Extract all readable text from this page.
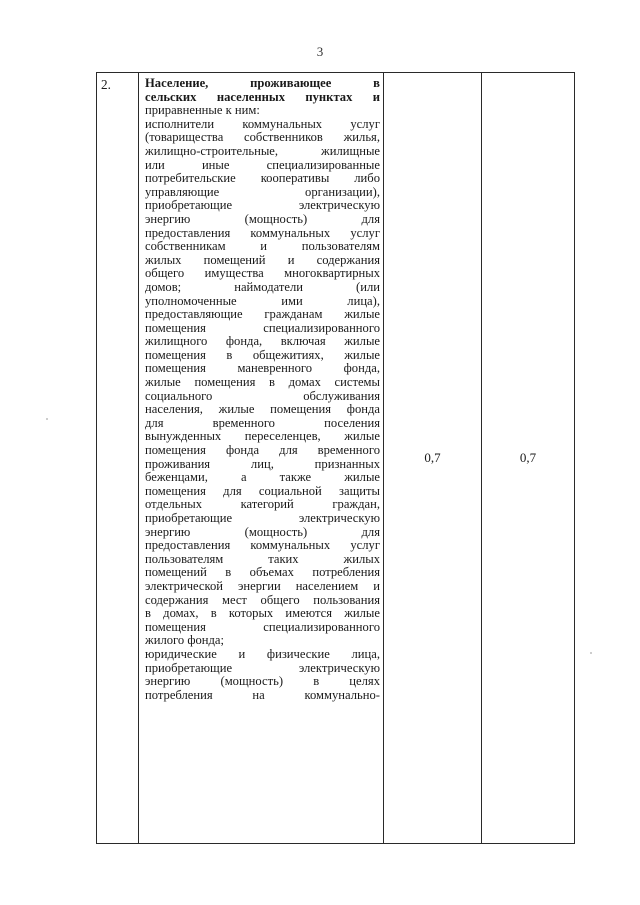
3
2.	Население, проживающее в
сельских населенных пунктах и
приравненные к ним:
исполнители коммунальных услуг
(товарищества собственников жилья,
жилищно-строительные, жилищные
или иные специализированные
потребительские кооперативы либо
управляющие организации),
приобретающие электрическую
энергию (мощность) для
предоставления коммунальных услуг
собственникам и пользователям
жилых помещений и содержания
общего имущества многоквартирных
домов; наймодатели (или
уполномоченные ими лица),
предоставляющие гражданам жилые
помещения специализированного
жилищного фонда, включая жилые
помещения в общежитиях, жилые
помещения маневренного фонда,
жилые помещения в домах системы
социального обслуживания
населения, жилые помещения фонда
для временного поселения
вынужденных переселенцев, жилые
помещения фонда для временного
проживания лиц, признанных
беженцами, а также жилые
помещения для социальной защиты
отдельных категорий граждан,
приобретающие электрическую
энергию (мощность) для
предоставления коммунальных услуг
пользователям таких жилых
помещений в объемах потребления
электрической энергии населением и
содержания мест общего пользования
в домах, в которых имеются жилые
помещения специализированного
жилого фонда;
юридические и физические лица,
приобретающие электрическую
энергию (мощность) в целях
потребления на коммунально-
	0,7	0,7
